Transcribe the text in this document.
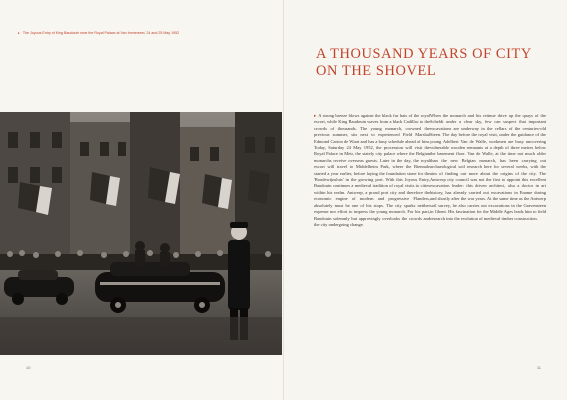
▸ The Joyous Entry of King Baudouin near the Royal Palace at Van Immerseel, 24 and 25 May 1952
10
A THOUSAND YEARS OF CITY
ON THE SHOVEL

▸ A strong breeze blows against the black fur hats of the royal escort, while King Baudouin waves from a black Cadillac to the crowds of thousands. The young monarch, crowned the previous summer, sits next to experienced Field Marshal Edmond Carton de Wiart and has a busy schedule ahead of him. Today, Saturday 24 May 1952, the procession will visit the Royal Palace in Meir, the stately city palace where the Belgian monarchs receive overseas guests. Later in the day, the royal escort will travel to Middelheim Park, where the Biennale started a year earlier, before laying the foundation stone for the 'Boudewijnsluis' in the growing port. With this Joyous Entry, Baudouin continues a medieval tradition of royal visits to cities within his realm. Antwerp, a proud port city and therefore the economic engine of modern and progressive Flanders, absolutely must be one of his stops. The city sparks neither expense nor effort to impress the young monarch. For his part, Baudouin solemnly but approvingly overlooks the crowds and the city undergoing change.

When the monarch and his retinue drive up the quays of the Scheldt under a clear sky, few can suspect that important excavations are underway in the cellars of the centuries-old Steen. The day before the royal visit, under the guidance of the young Adelbert Van de Walle, workmen are busy uncovering vulnerable wooden remnants at a depth of three metres below the basement floor. Van de Walle, at the time not much older than the new Belgian monarch, has been carrying out archaeological soil research here for several weeks, with the aim of finding out more about the origins of the city. The Antwerp city council was not the first to appoint this excellent excavation leader: this driven architect, also a doctor in art history, has already carried out excavations in Ename during and shortly after the war years. At the same time as the Antwerp soil survey, he also carries out excavations in the Gravensteen in Ghent. His fascination for the Middle Ages leads him to field research into the evolution of medieval timber construction.

11
